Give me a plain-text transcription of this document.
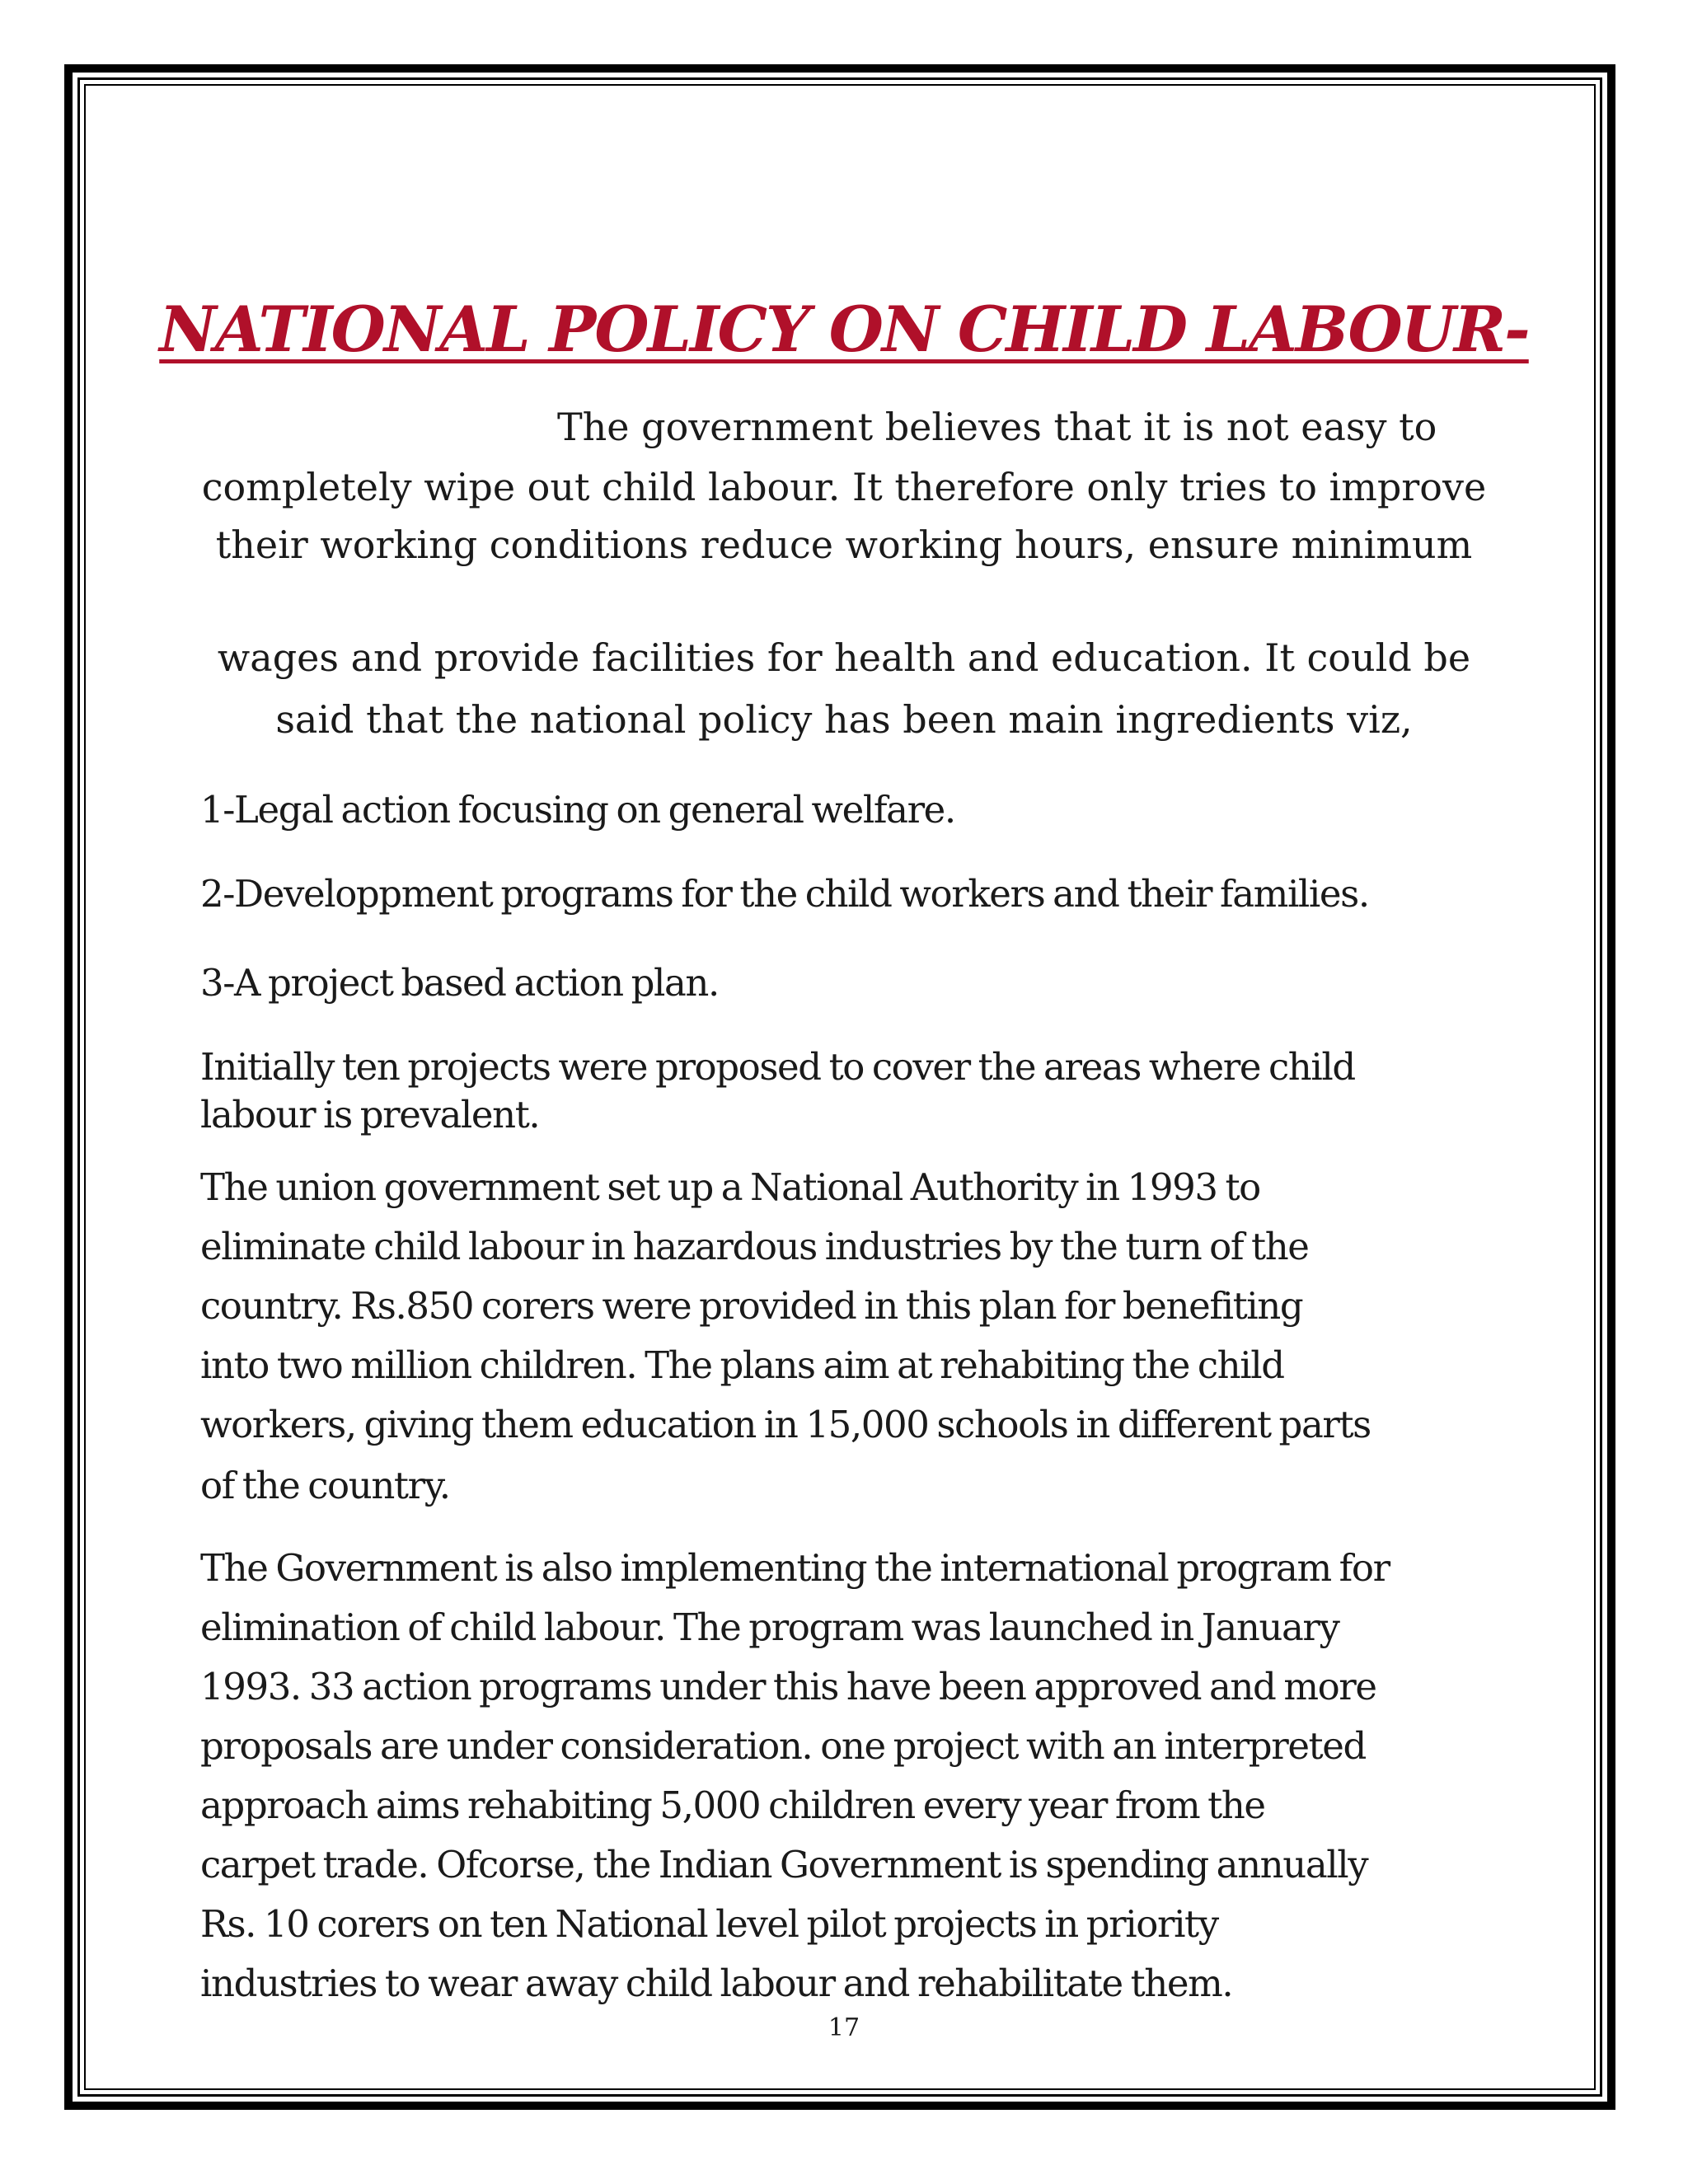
NATIONAL POLICY ON CHILD LABOUR-
The government believes that it is not easy to
completely wipe out child labour. It therefore only tries to improve
their working conditions reduce working hours, ensure minimum
wages and provide facilities for health and education. It could be
said that the national policy has been main ingredients viz,
1-Legal action focusing on general welfare.
2-Developpment programs for the child workers and their families.
3-A project based action plan.
Initially ten projects were proposed to cover the areas where child
labour is prevalent.
The union government set up a National Authority in 1993 to
eliminate child labour in hazardous industries by the turn of the
country. Rs.850 corers were provided in this plan for benefiting
into two million children. The plans aim at rehabiting the child
workers, giving them education in 15,000 schools in different parts
of the country.
The Government is also implementing the international program for
elimination of child labour. The program was launched in January
1993. 33 action programs under this have been approved and more
proposals are under consideration. one project with an interpreted
approach aims rehabiting 5,000 children every year from the
carpet trade. Ofcorse, the Indian Government is spending annually
Rs. 10 corers on ten National level pilot projects in priority
industries to wear away child labour and rehabilitate them.
17
